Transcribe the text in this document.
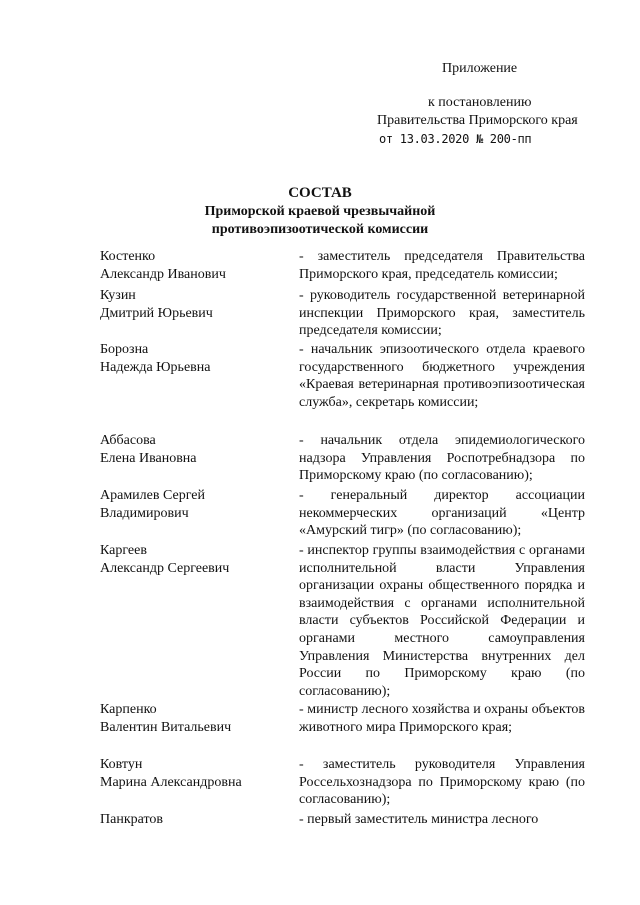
Приложение
к постановлению
Правительства Приморского края
от 13.03.2020 № 200-пп
СОСТАВ
Приморской краевой чрезвычайной
противоэпизоотической комиссии
Костенко
Александр Иванович
- заместитель председателя Правительства Приморского края, председатель комиссии;
Кузин
Дмитрий Юрьевич
- руководитель государственной ветеринарной инспекции Приморского края, заместитель председателя комиссии;
Борозна
Надежда Юрьевна
- начальник эпизоотического отдела краевого государственного бюджетного учреждения «Краевая ветеринарная противоэпизоотическая служба», секретарь комиссии;
Аббасова
Елена Ивановна
- начальник отдела эпидемиологического надзора Управления Роспотребнадзора по Приморскому краю (по согласованию);
Арамилев Сергей
Владимирович
- генеральный директор ассоциации некоммерческих организаций «Центр «Амурский тигр» (по согласованию);
Каргеев
Александр Сергеевич
- инспектор группы взаимодействия с органами исполнительной власти Управления организации охраны общественного порядка и взаимодействия с органами исполнительной власти субъектов Российской Федерации и органами местного самоуправления Управления Министерства внутренних дел России по Приморскому краю (по согласованию);
Карпенко
Валентин Витальевич
- министр лесного хозяйства и охраны объектов животного мира Приморского края;
Ковтун
Марина Александровна
- заместитель руководителя Управления Россельхознадзора по Приморскому краю (по согласованию);
Панкратов	- первый заместитель министра лесного
